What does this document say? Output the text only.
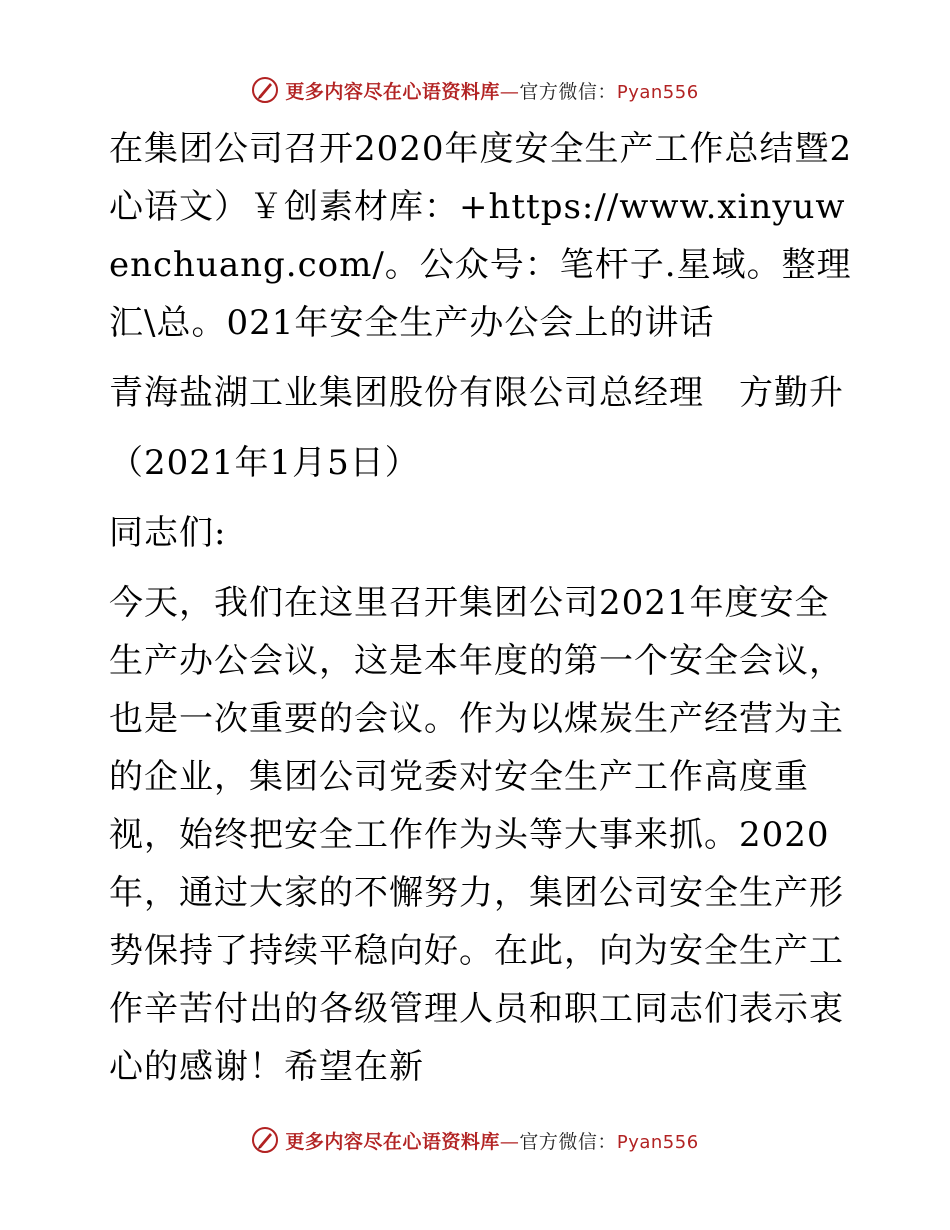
更多内容尽在心语资料库—官方微信：Pyan556

在集团公司召开2020年度安全生产工作总结暨2心语文）￥创素材库：+https://www.xinyuwenchuang.com/。公众号：笔杆子.星域。整理汇\总。021年安全生产办公会上的讲话

青海盐湖工业集团股份有限公司总经理　方勤升

（2021年1月5日）

同志们:

今天，我们在这里召开集团公司2021年度安全生产办公会议，这是本年度的第一个安全会议，也是一次重要的会议。作为以煤炭生产经营为主的企业，集团公司党委对安全生产工作高度重视，始终把安全工作作为头等大事来抓。2020年，通过大家的不懈努力，集团公司安全生产形势保持了持续平稳向好。在此，向为安全生产工作辛苦付出的各级管理人员和职工同志们表示衷心的感谢！希望在新

更多内容尽在心语资料库—官方微信：Pyan556
